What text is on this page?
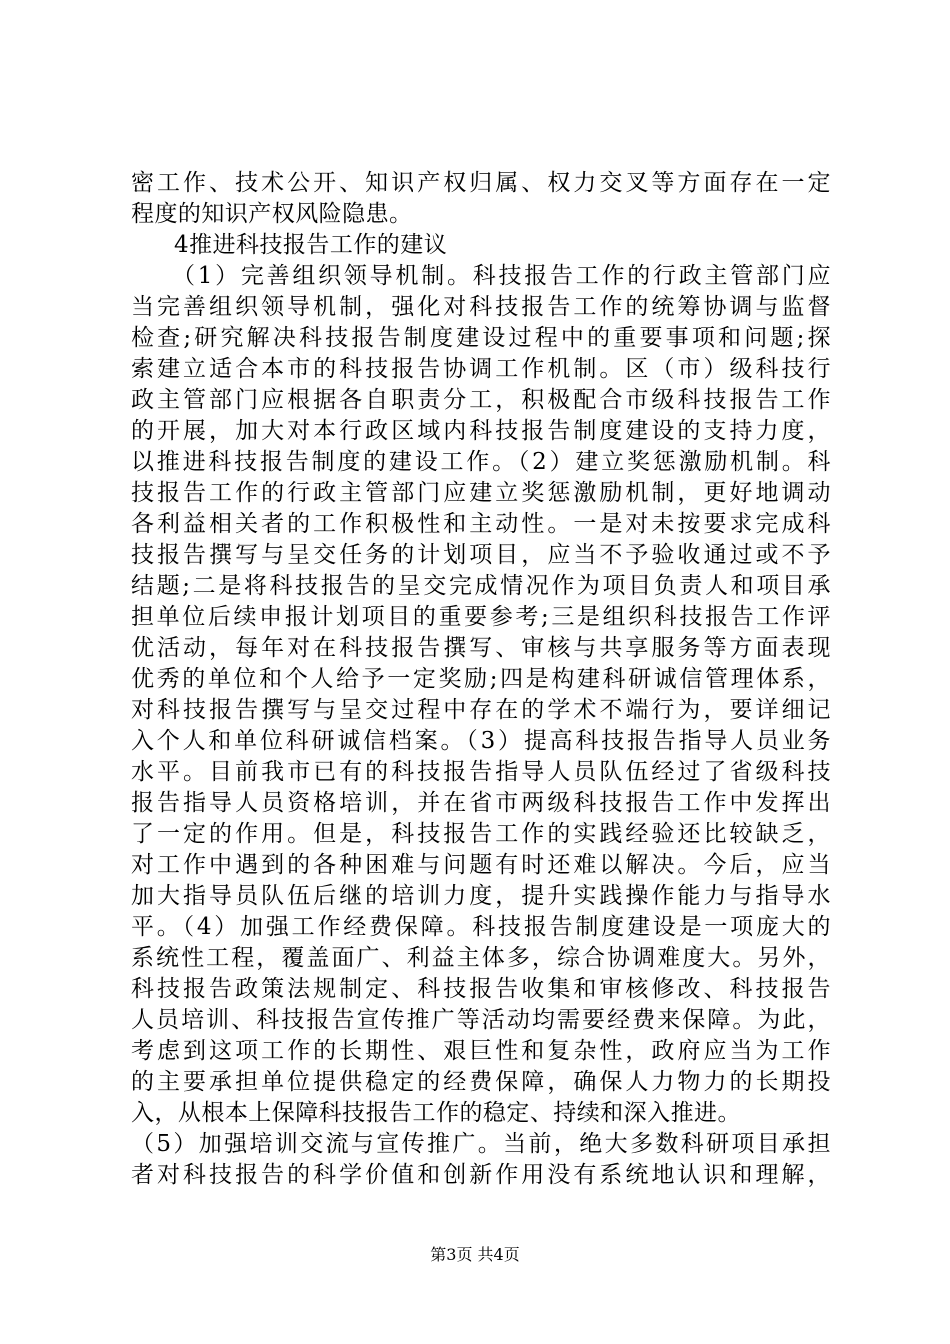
密工作、技术公开、知识产权归属、权力交叉等方面存在一定
程度的知识产权风险隐患。
4推进科技报告工作的建议
（1）完善组织领导机制。科技报告工作的行政主管部门应
当完善组织领导机制，强化对科技报告工作的统筹协调与监督
检查;研究解决科技报告制度建设过程中的重要事项和问题;探
索建立适合本市的科技报告协调工作机制。区（市）级科技行
政主管部门应根据各自职责分工，积极配合市级科技报告工作
的开展，加大对本行政区域内科技报告制度建设的支持力度，
以推进科技报告制度的建设工作。（2）建立奖惩激励机制。科
技报告工作的行政主管部门应建立奖惩激励机制，更好地调动
各利益相关者的工作积极性和主动性。一是对未按要求完成科
技报告撰写与呈交任务的计划项目，应当不予验收通过或不予
结题;二是将科技报告的呈交完成情况作为项目负责人和项目承
担单位后续申报计划项目的重要参考;三是组织科技报告工作评
优活动，每年对在科技报告撰写、审核与共享服务等方面表现
优秀的单位和个人给予一定奖励;四是构建科研诚信管理体系，
对科技报告撰写与呈交过程中存在的学术不端行为，要详细记
入个人和单位科研诚信档案。（3）提高科技报告指导人员业务
水平。目前我市已有的科技报告指导人员队伍经过了省级科技
报告指导人员资格培训，并在省市两级科技报告工作中发挥出
了一定的作用。但是，科技报告工作的实践经验还比较缺乏，
对工作中遇到的各种困难与问题有时还难以解决。今后，应当
加大指导员队伍后继的培训力度，提升实践操作能力与指导水
平。（4）加强工作经费保障。科技报告制度建设是一项庞大的
系统性工程，覆盖面广、利益主体多，综合协调难度大。另外，
科技报告政策法规制定、科技报告收集和审核修改、科技报告
人员培训、科技报告宣传推广等活动均需要经费来保障。为此，
考虑到这项工作的长期性、艰巨性和复杂性，政府应当为工作
的主要承担单位提供稳定的经费保障，确保人力物力的长期投
入，从根本上保障科技报告工作的稳定、持续和深入推进。
（5）加强培训交流与宣传推广。当前，绝大多数科研项目承担
者对科技报告的科学价值和创新作用没有系统地认识和理解，
第3页 共4页
